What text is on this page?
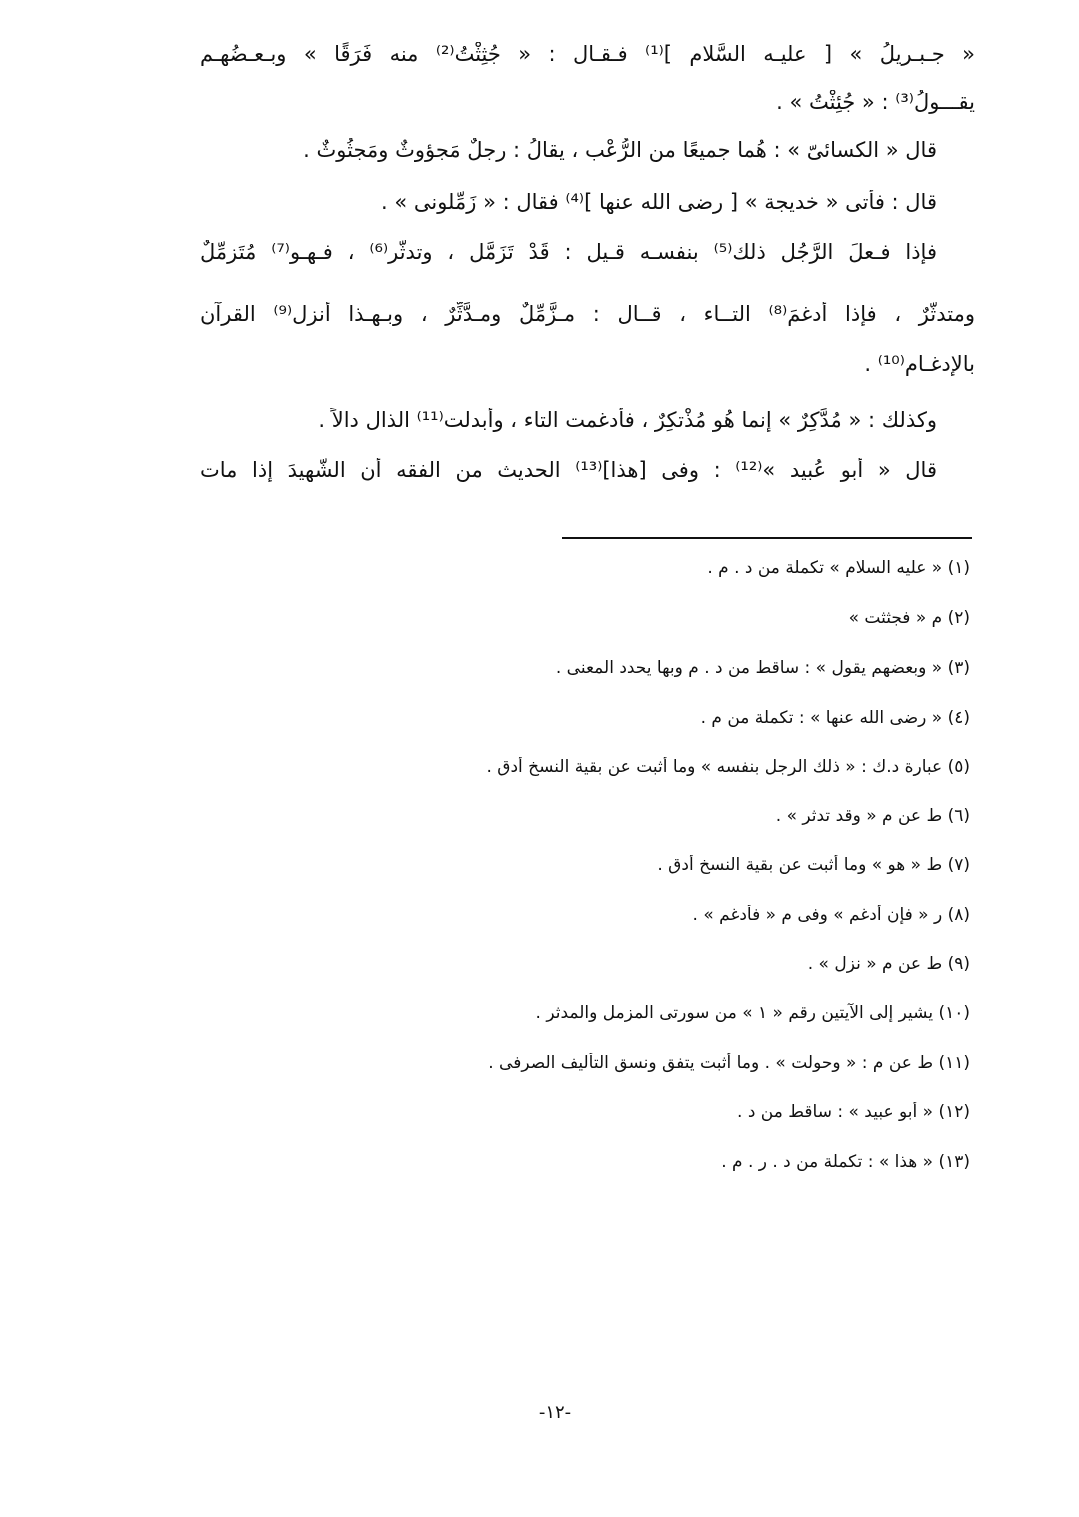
« جـبـريلُ » [ عليـه السَّلام ]⁽¹⁾ فـقـال : « جُثِثْتُ⁽²⁾ منه فَرَقًا » وبـعـضُهـم
يقـــولُ⁽³⁾ : « جُئِثْتُ » .
قال « الكسائىّ » : هُما جميعًا من الرُّعْب ، يقالُ : رجلٌ مَجؤوثٌ ومَجثُوثٌ .
قال : فأتى « خديجة » [ رضى الله عنها ]⁽⁴⁾ فقال : « زَمِّلونى » .
فإذا فـعلَ الرَّجُل ذلك⁽⁵⁾ بنفسـه قـيل : قَدْ تَزَمَّل ، وتدثّر⁽⁶⁾ ، فـهـو⁽⁷⁾ مُتَزمِّلٌ
ومتدثّرٌ ، فإذا أدغمَ⁽⁸⁾ التــاء ، قــال : مـزَّمِّلٌ ومـدَّثِّرٌ ، وبـهـذا أُنزل⁽⁹⁾ القرآن
بالإدغـام⁽¹⁰⁾ .
وكذلك : « مُدَّكِرٌ » إنما هُو مُذْتكِرٌ ، فأدغمت التاء ، وأبدلت⁽¹¹⁾ الذال دالاً .
قال « أبو عُبيد »⁽¹²⁾ : وفى [هذا]⁽¹³⁾ الحديث من الفقه أن الشَّهيدَ إذا مات
(١) « عليه السلام » تكملة من د . م .
(٢) م « فجثثت »
(٣) « وبعضهم يقول » : ساقط من د . م وبها يحدد المعنى .
(٤) « رضى الله عنها » : تكملة من م .
(٥) عبارة د.ك : « ذلك الرجل بنفسه » وما أثبت عن بقية النسخ أدق .
(٦) ط عن م « وقد تدثر » .
(٧) ط « هو » وما أثبت عن بقية النسخ أدق .
(٨) ر « فإن أدغم » وفى م « فأدغم » .
(٩) ط عن م « نزل » .
(١٠) يشير إلى الآيتين رقم « ١ » من سورتى المزمل والمدثر .
(١١) ط عن م : « وحولت » . وما أثبت يتفق ونسق التأليف الصرفى .
(١٢) « أبو عبيد » : ساقط من د .
(١٣) « هذا » : تكملة من د . ر . م .
-١٢-
